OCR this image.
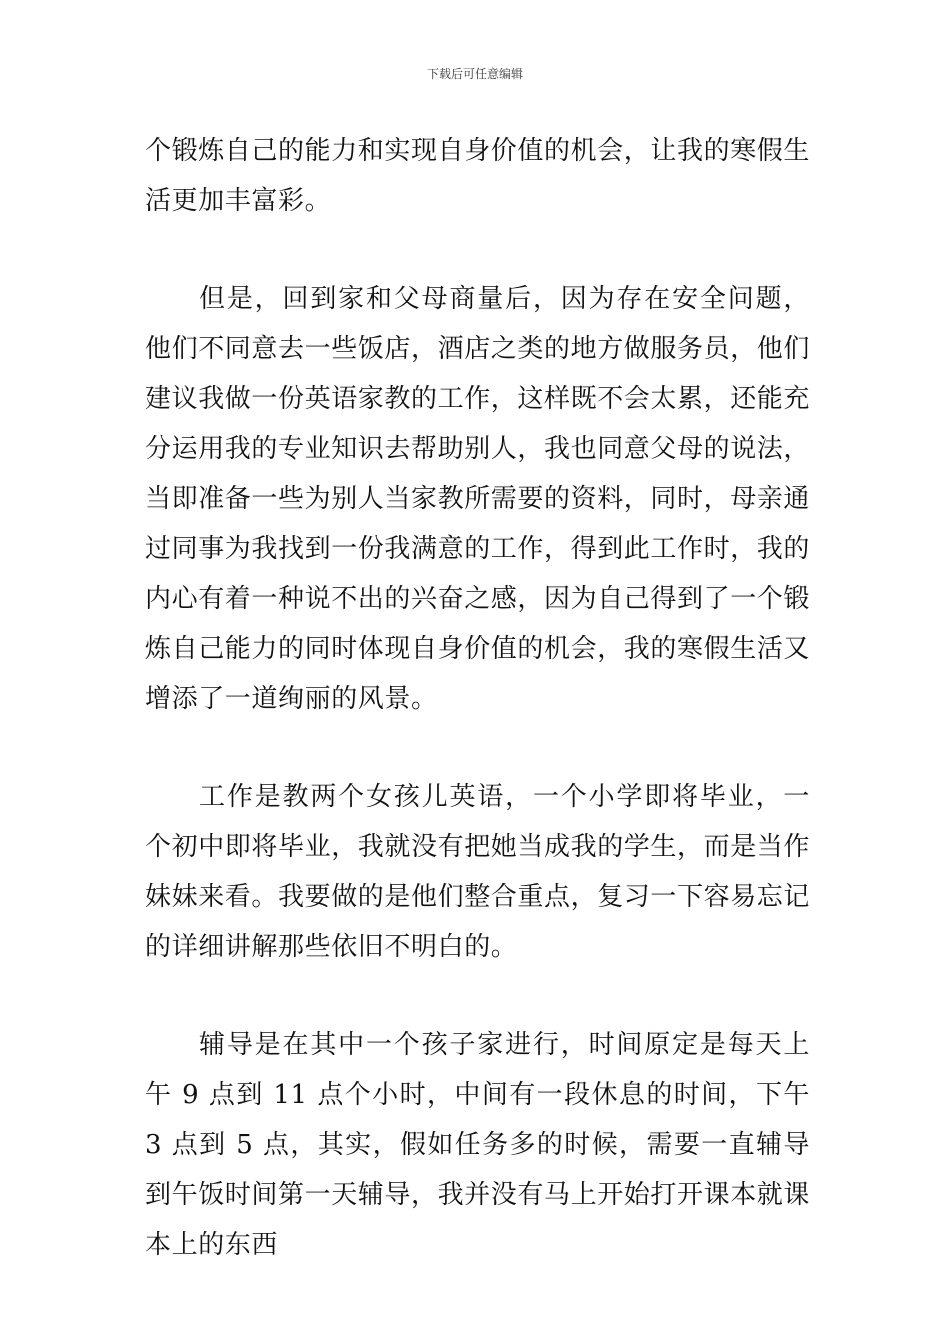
下载后可任意编辑

个锻炼自己的能力和实现自身价值的机会，让我的寒假生活更加丰富彩。

但是，回到家和父母商量后，因为存在安全问题，他们不同意去一些饭店，酒店之类的地方做服务员，他们建议我做一份英语家教的工作，这样既不会太累，还能充分运用我的专业知识去帮助别人，我也同意父母的说法，当即准备一些为别人当家教所需要的资料，同时，母亲通过同事为我找到一份我满意的工作，得到此工作时，我的内心有着一种说不出的兴奋之感，因为自己得到了一个锻炼自己能力的同时体现自身价值的机会，我的寒假生活又增添了一道绚丽的风景。

工作是教两个女孩儿英语，一个小学即将毕业，一个初中即将毕业，我就没有把她当成我的学生，而是当作妹妹来看。我要做的是他们整合重点，复习一下容易忘记的详细讲解那些依旧不明白的。

辅导是在其中一个孩子家进行，时间原定是每天上午 9 点到 11 点个小时，中间有一段休息的时间，下午 3 点到 5 点，其实，假如任务多的时候，需要一直辅导到午饭时间第一天辅导，我并没有马上开始打开课本就课本上的东西
